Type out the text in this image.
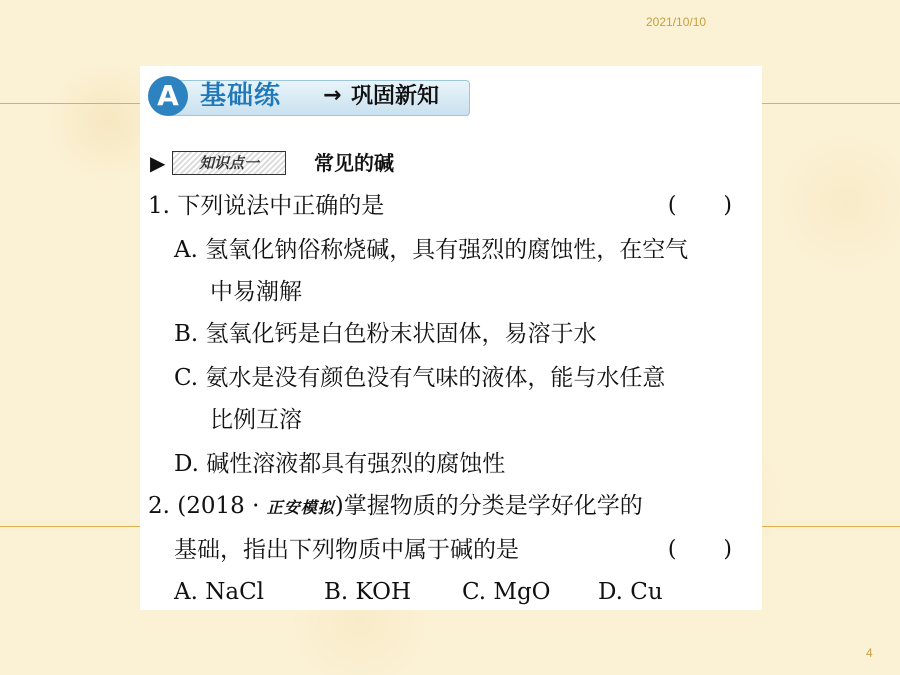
2021/10/10
A 基础练 → 巩固新知
▶	知识点一	常见的碱
1. 下列说法中正确的是	( )
A. 氢氧化钠俗称烧碱，具有强烈的腐蚀性，在空气
中易潮解
B. 氢氧化钙是白色粉末状固体，易溶于水
C. 氨水是没有颜色没有气味的液体，能与水任意
比例互溶
D. 碱性溶液都具有强烈的腐蚀性
2. (2018 · 正安模拟)掌握物质的分类是学好化学的
基础，指出下列物质中属于碱的是	( )
A. NaCl	B. KOH C. MgO D. Cu
4
